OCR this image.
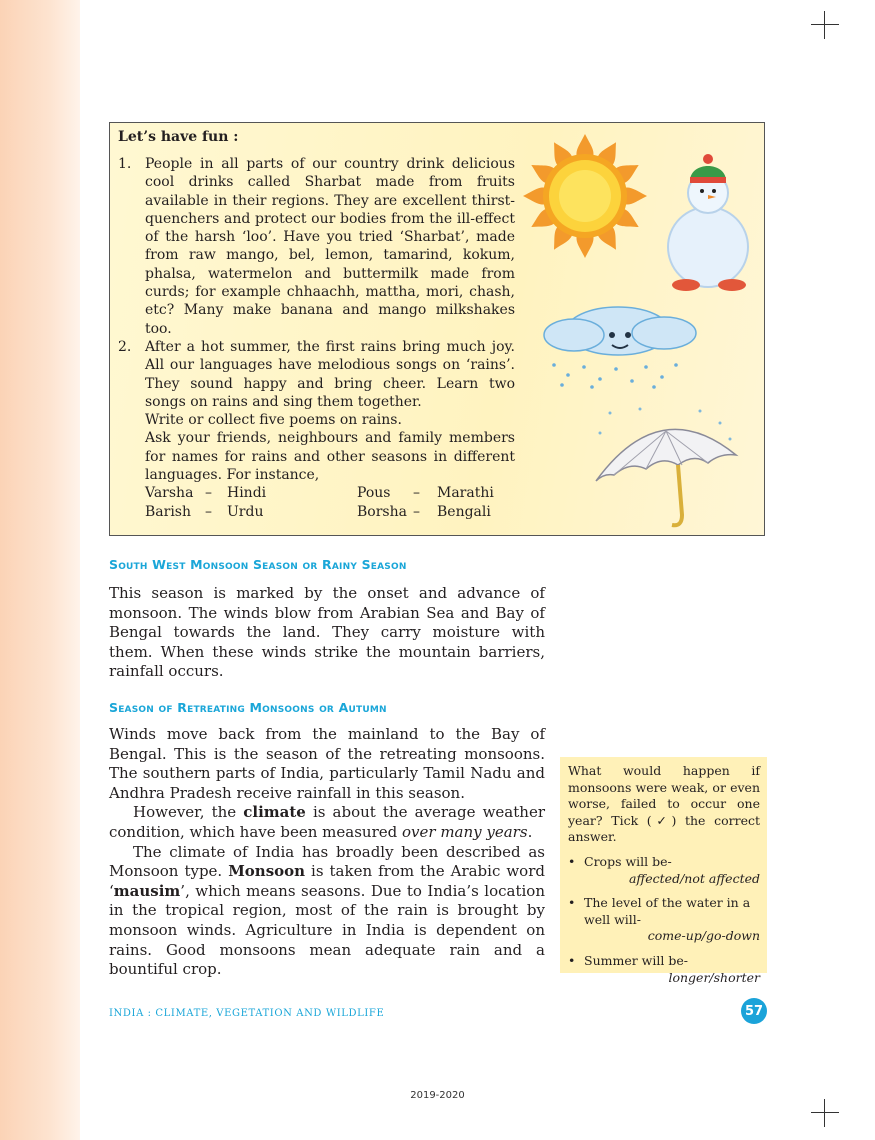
Let’s have fun :
1. People in all parts of our country drink delicious cool drinks called Sharbat made from fruits available in their regions. They are excellent thirst-quenchers and protect our bodies from the ill-effect of the harsh ‘loo’. Have you tried ‘Sharbat’, made from raw mango, bel, lemon, tamarind, kokum, phalsa, watermelon and buttermilk made from curds; for example chhaachh, mattha, mori, chash, etc? Many make banana and mango milkshakes too.

2. After a hot summer, the first rains bring much joy. All our languages have melodious songs on ‘rains’. They sound happy and bring cheer. Learn two songs on rains and sing them together.

Write or collect five poems on rains.

Ask your friends, neighbours and family members for names for rains and other seasons in different languages. For instance,

Varsha – Hindi
Barish – Urdu
Pous – Marathi
Borsha – Bengali
South West Monsoon Season or Rainy Season

This season is marked by the onset and advance of monsoon. The winds blow from Arabian Sea and Bay of Bengal towards the land. They carry moisture with them. When these winds strike the mountain barriers, rainfall occurs.

Season of Retreating Monsoons or Autumn

Winds move back from the mainland to the Bay of Bengal. This is the season of the retreating monsoons. The southern parts of India, particularly Tamil Nadu and Andhra Pradesh receive rainfall in this season.

However, the climate is about the average weather condition, which have been measured over many years.

The climate of India has broadly been described as Monsoon type. Monsoon is taken from the Arabic word ‘mausim’, which means seasons. Due to India’s location in the tropical region, most of the rain is brought by monsoon winds. Agriculture in India is dependent on rains. Good monsoons mean adequate rain and a bountiful crop.

What would happen if monsoons were weak, or even worse, failed to occur one year? Tick (✓) the correct answer.

• Crops will be-
affected/not affected
• The level of the water in a well will-
come-up/go-down
• Summer will be-
longer/shorter
INDIA : CLIMATE, VEGETATION AND WILDLIFE	57
2019-2020
